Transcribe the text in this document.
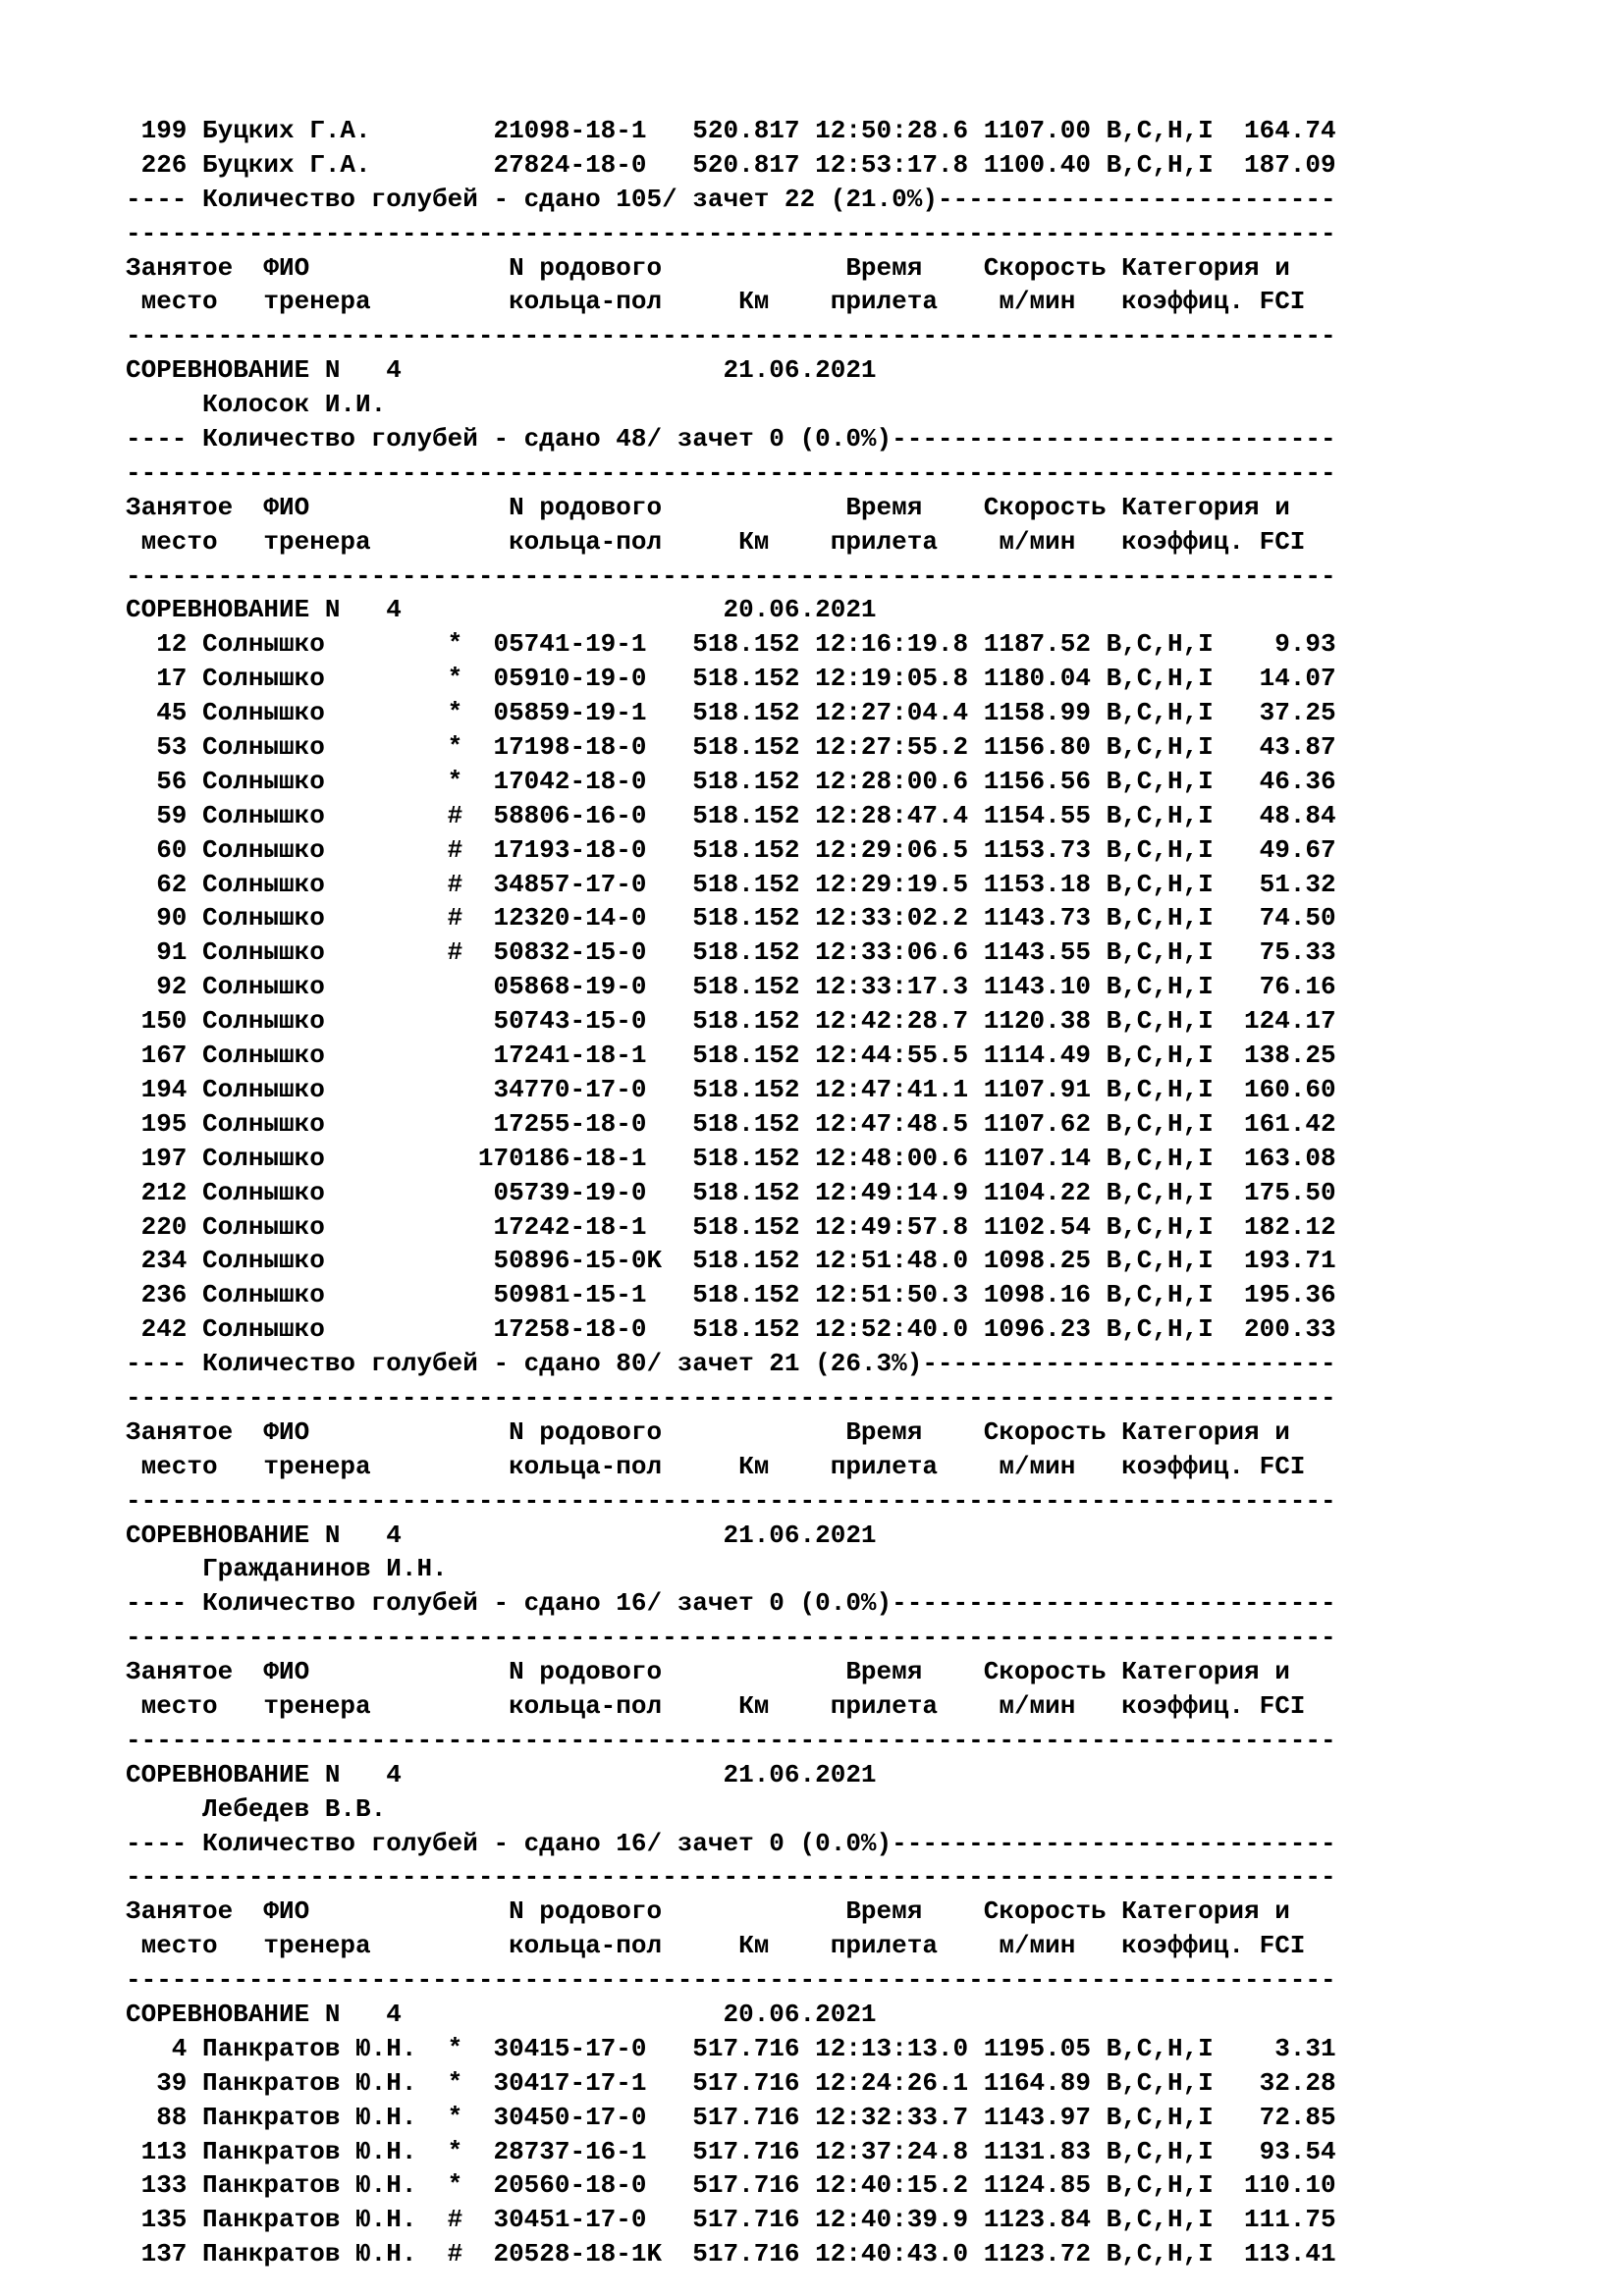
199 Буцких Г.А.        21098-18-1   520.817 12:50:28.6 1107.00 B,C,H,I  164.74
226 Буцких Г.А.        27824-18-0   520.817 12:53:17.8 1100.40 B,C,H,I  187.09
---- Количество голубей - сдано 105/ зачет 22 (21.0%)--------------------------
-------------------------------------------------------------------------------
Занятое  ФИО             N родового            Время    Скорость Категория и
место   тренера         кольца-пол     Км    прилета    м/мин   коэффиц. FCI
-------------------------------------------------------------------------------
СОРЕВНОВАНИЕ N   4                     21.06.2021
Колосок И.И.
---- Количество голубей - сдано 48/ зачет 0 (0.0%)-----------------------------
-------------------------------------------------------------------------------
Занятое  ФИО             N родового            Время    Скорость Категория и
место   тренера         кольца-пол     Км    прилета    м/мин   коэффиц. FCI
-------------------------------------------------------------------------------
СОРЕВНОВАНИЕ N   4                     20.06.2021
12 Солнышко        *  05741-19-1   518.152 12:16:19.8 1187.52 B,C,H,I    9.93
17 Солнышко        *  05910-19-0   518.152 12:19:05.8 1180.04 B,C,H,I   14.07
45 Солнышко        *  05859-19-1   518.152 12:27:04.4 1158.99 B,C,H,I   37.25
53 Солнышко        *  17198-18-0   518.152 12:27:55.2 1156.80 B,C,H,I   43.87
56 Солнышко        *  17042-18-0   518.152 12:28:00.6 1156.56 B,C,H,I   46.36
59 Солнышко        #  58806-16-0   518.152 12:28:47.4 1154.55 B,C,H,I   48.84
60 Солнышко        #  17193-18-0   518.152 12:29:06.5 1153.73 B,C,H,I   49.67
62 Солнышко        #  34857-17-0   518.152 12:29:19.5 1153.18 B,C,H,I   51.32
90 Солнышко        #  12320-14-0   518.152 12:33:02.2 1143.73 B,C,H,I   74.50
91 Солнышко        #  50832-15-0   518.152 12:33:06.6 1143.55 B,C,H,I   75.33
92 Солнышко           05868-19-0   518.152 12:33:17.3 1143.10 B,C,H,I   76.16
150 Солнышко           50743-15-0   518.152 12:42:28.7 1120.38 B,C,H,I  124.17
167 Солнышко           17241-18-1   518.152 12:44:55.5 1114.49 B,C,H,I  138.25
194 Солнышко           34770-17-0   518.152 12:47:41.1 1107.91 B,C,H,I  160.60
195 Солнышко           17255-18-0   518.152 12:47:48.5 1107.62 B,C,H,I  161.42
197 Солнышко          170186-18-1   518.152 12:48:00.6 1107.14 B,C,H,I  163.08
212 Солнышко           05739-19-0   518.152 12:49:14.9 1104.22 B,C,H,I  175.50
220 Солнышко           17242-18-1   518.152 12:49:57.8 1102.54 B,C,H,I  182.12
234 Солнышко           50896-15-0K  518.152 12:51:48.0 1098.25 B,C,H,I  193.71
236 Солнышко           50981-15-1   518.152 12:51:50.3 1098.16 B,C,H,I  195.36
242 Солнышко           17258-18-0   518.152 12:52:40.0 1096.23 B,C,H,I  200.33
---- Количество голубей - сдано 80/ зачет 21 (26.3%)---------------------------
-------------------------------------------------------------------------------
Занятое  ФИО             N родового            Время    Скорость Категория и
место   тренера         кольца-пол     Км    прилета    м/мин   коэффиц. FCI
-------------------------------------------------------------------------------
СОРЕВНОВАНИЕ N   4                     21.06.2021
Гражданинов И.Н.
---- Количество голубей - сдано 16/ зачет 0 (0.0%)-----------------------------
-------------------------------------------------------------------------------
Занятое  ФИО             N родового            Время    Скорость Категория и
место   тренера         кольца-пол     Км    прилета    м/мин   коэффиц. FCI
-------------------------------------------------------------------------------
СОРЕВНОВАНИЕ N   4                     21.06.2021
Лебедев В.В.
---- Количество голубей - сдано 16/ зачет 0 (0.0%)-----------------------------
-------------------------------------------------------------------------------
Занятое  ФИО             N родового            Время    Скорость Категория и
место   тренера         кольца-пол     Км    прилета    м/мин   коэффиц. FCI
-------------------------------------------------------------------------------
СОРЕВНОВАНИЕ N   4                     20.06.2021
4 Панкратов Ю.Н.  *  30415-17-0   517.716 12:13:13.0 1195.05 B,C,H,I    3.31
39 Панкратов Ю.Н.  *  30417-17-1   517.716 12:24:26.1 1164.89 B,C,H,I   32.28
88 Панкратов Ю.Н.  *  30450-17-0   517.716 12:32:33.7 1143.97 B,C,H,I   72.85
113 Панкратов Ю.Н.  *  28737-16-1   517.716 12:37:24.8 1131.83 B,C,H,I   93.54
133 Панкратов Ю.Н.  *  20560-18-0   517.716 12:40:15.2 1124.85 B,C,H,I  110.10
135 Панкратов Ю.Н.  #  30451-17-0   517.716 12:40:39.9 1123.84 B,C,H,I  111.75
137 Панкратов Ю.Н.  #  20528-18-1K  517.716 12:40:43.0 1123.72 B,C,H,I  113.41
